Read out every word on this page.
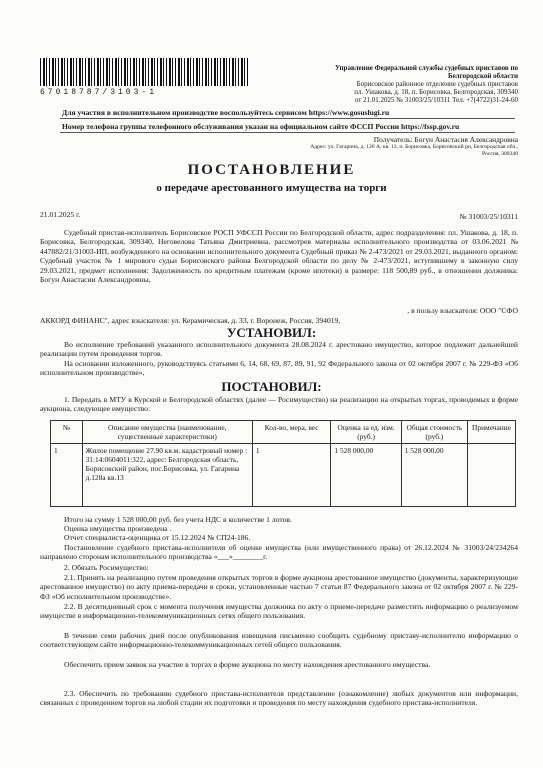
67018787/3103-1
Управление Федеральной службы судебных приставов по
Белгородской области
Борисовское районное отделение судебных приставов
пл. Ушакова, д. 18, п. Борисовка, Белгородская, 309340
от 21.01.2025 № 31003/25/10311 Тел. +7(4722)31-24-60
Для участия в исполнительном производстве воспользуйтесь сервисом https://www.gosuslugi.ru
Номер телефона группы телефонного обслуживания указан на официальном сайте ФССП России https://fssp.gov.ru
Получатель: Богун Анастасия Александровна
Адрес: ул. Гагарина, д. 126 А, кв. 13, п. Борисовка, Борисовский рн, Белгородская обл.,
Россия, 309340
ПОСТАНОВЛЕНИЕ
о передаче арестованного имущества на торги
21.01.2025 г.	№ 31003/25/10311
Судебный пристав-исполнитель Борисовское РОСП УФССП России по Белгородской области, адрес подразделения: пл. Ушакова, д. 18, п. Борисовка, Белгородская, 309340, Неговелова Татьяна Дмитриевна, рассмотрев материалы исполнительного производства от 03.06.2021 № 447882/21/31003-ИП, возбужденного на основании исполнительного документа Судебный приказ № 2-473/2021 от 29.03.2021, выданного органом: Судебный участок № 1 мирового судьи Борисовского района Белгородской области по делу № 2-473/2021, вступившему в законную силу 29.03.2021, предмет исполнения: Задолженность по кредитным платежам (кроме ипотеки) в размере: 118 500,89 руб., в отношении должника: Богун Анастасии Александровны,
, в пользу взыскателя: ООО "СФО
АККОРД ФИНАНС", адрес взыскателя: ул. Керамическая, д. 33, г. Воронеж, Россия, 394019,
УСТАНОВИЛ:
Во исполнение требований указанного исполнительного документа 28.08.2024 г. арестовано имущество, которое подлежит дальнейшей реализации путем проведения торгов.
На основании изложенного, руководствуясь статьями 6, 14, 68, 69, 87, 89, 91, 92 Федерального закона от 02 октября 2007 г. № 229-ФЗ «Об исполнительном производстве»,
ПОСТАНОВИЛ:
1. Передать в МТУ в Курской и Белгородской областях (далее — Росимущество) на реализацию на открытых торгах, проводимых в форме аукциона, следующее имущество:
№	Описание имущества (наименование, существенные характеристики)	Кол-во, мера, вес	Оценка за ед. изм. (руб.)	Общая стоимость (руб.)	Примечание
1	Жилое помещение 27.90 кв.м. кадастровый номер : 31:14:0604011:322, адрес: Белгородская область, Борисовский район, пос.Борисовка, ул. Гагарина д.128а кв.13	1	1 528 000,00	1 528 000,00	
Итого на сумму 1 528 000,00 руб. без учета НДС в количестве 1 лотов.
Оценка имущества произведена .
Отчет специалиста-оценщика от 15.12.2024 № СП24-186.
Постановление судебного пристава-исполнителя об оценке имущества (или имущественного права) от 26.12.2024 № 31003/24/234264 направлено сторонам исполнительного производства «___»________г.
2. Обязать Росимущество:
2.1. Принять на реализацию путем проведения открытых торгов в форме аукциона арестованное имущество (документы, характеризующие арестованное имущество) по акту приема-передачи в сроки, установленные частью 7 статьи 87 Федерального закона от 02 октября 2007 г. № 229-ФЗ «Об исполнительном производстве».
2.2. В десятидневный срок с момента получения имущества должника по акту о приеме-передаче разместить информацию о реализуемом имуществе в информационно-телекоммуникационных сетях общего пользования.
В течение семи рабочих дней после опубликования извещения письменно сообщить судебному приставу-исполнителю информацию о соответствующем сайте информационно-телекоммуникационных сетей общего пользования.
Обеспечить прием заявок на участие в торгах в форме аукциона по месту нахождения арестованного имущества.
2.3. Обеспечить по требованию судебного пристава-исполнителя представление (ознакомление) любых документов или информации, связанных с проведением торгов на любой стадии их подготовки и проведения по месту нахождения судебного пристава-исполнителя.
